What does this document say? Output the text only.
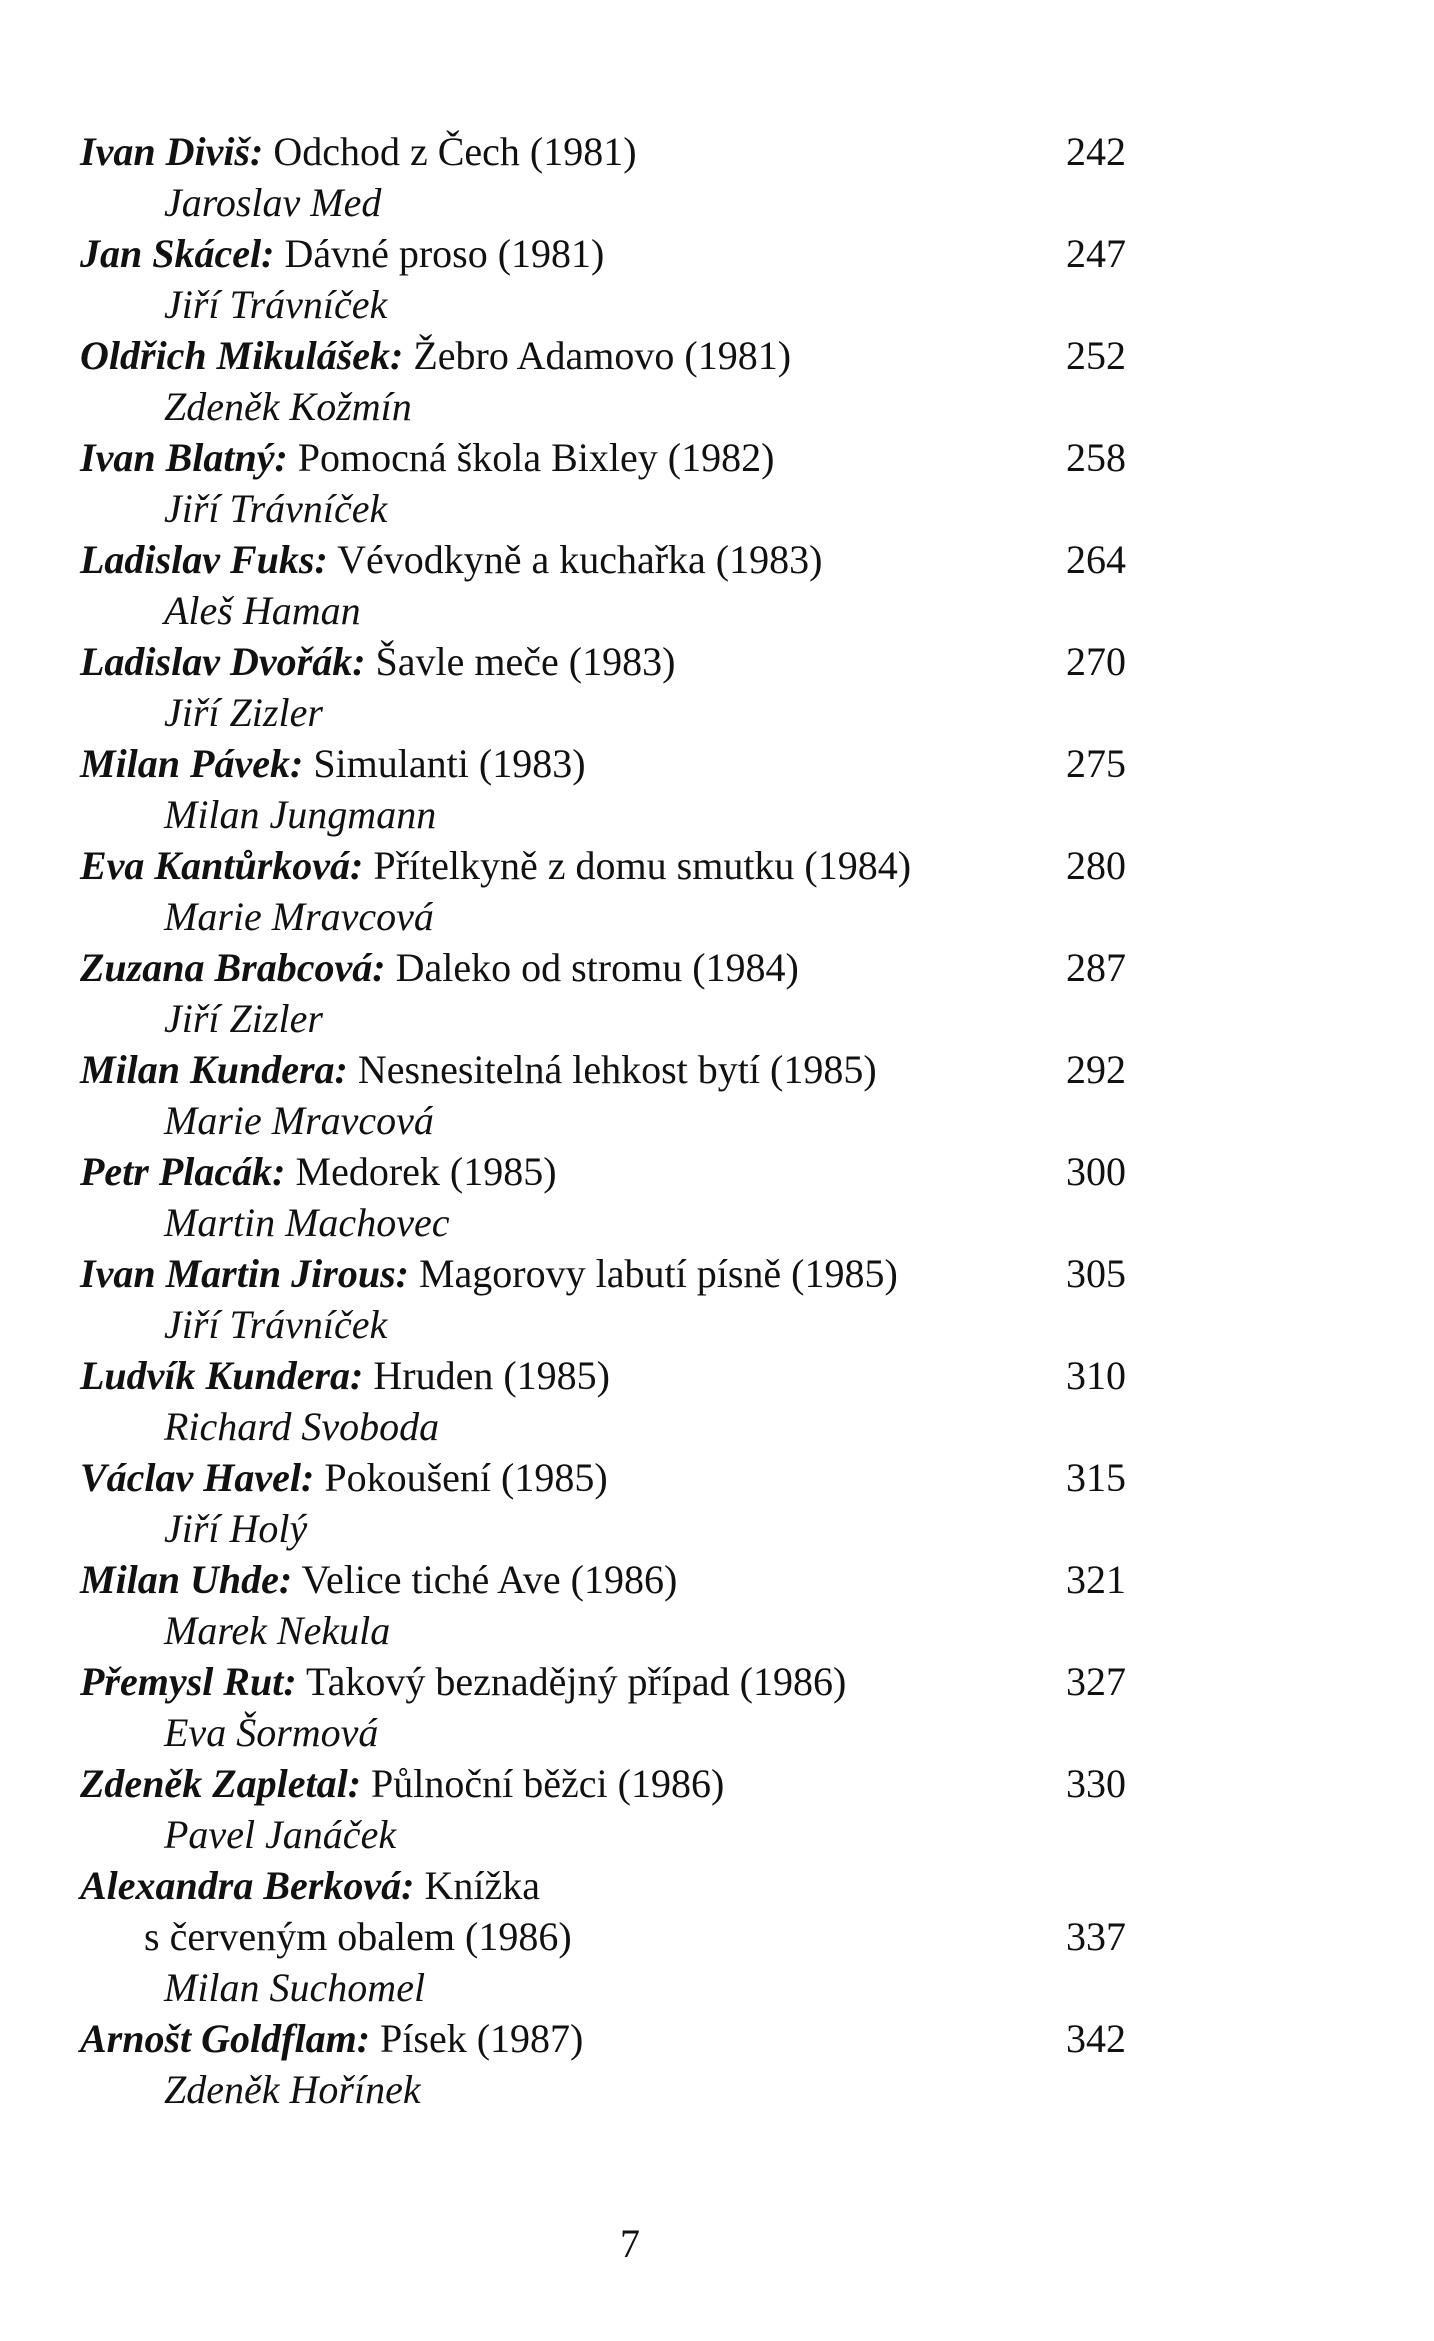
Ivan Diviš: Odchod z Čech (1981)	242
Jaroslav Med
Jan Skácel: Dávné proso (1981)	247
Jiří Trávníček
Oldřich Mikulášek: Žebro Adamovo (1981)	252
Zdeněk Kožmín
Ivan Blatný: Pomocná škola Bixley (1982)	258
Jiří Trávníček
Ladislav Fuks: Vévodkyně a kuchařka (1983)	264
Aleš Haman
Ladislav Dvořák: Šavle meče (1983)	270
Jiří Zizler
Milan Pávek: Simulanti (1983)	275
Milan Jungmann
Eva Kantůrková: Přítelkyně z domu smutku (1984)	280
Marie Mravcová
Zuzana Brabcová: Daleko od stromu (1984)	287
Jiří Zizler
Milan Kundera: Nesnesitelná lehkost bytí (1985)	292
Marie Mravcová
Petr Placák: Medorek (1985)	300
Martin Machovec
Ivan Martin Jirous: Magorovy labutí písně (1985)	305
Jiří Trávníček
Ludvík Kundera: Hruden (1985)	310
Richard Svoboda
Václav Havel: Pokoušení (1985)	315
Jiří Holý
Milan Uhde: Velice tiché Ave (1986)	321
Marek Nekula
Přemysl Rut: Takový beznadějný případ (1986)	327
Eva Šormová
Zdeněk Zapletal: Půlnoční běžci (1986)	330
Pavel Janáček
Alexandra Berková: Knížka
s červeným obalem (1986)	337
Milan Suchomel
Arnošt Goldflam: Písek (1987)	342
Zdeněk Hořínek
7
